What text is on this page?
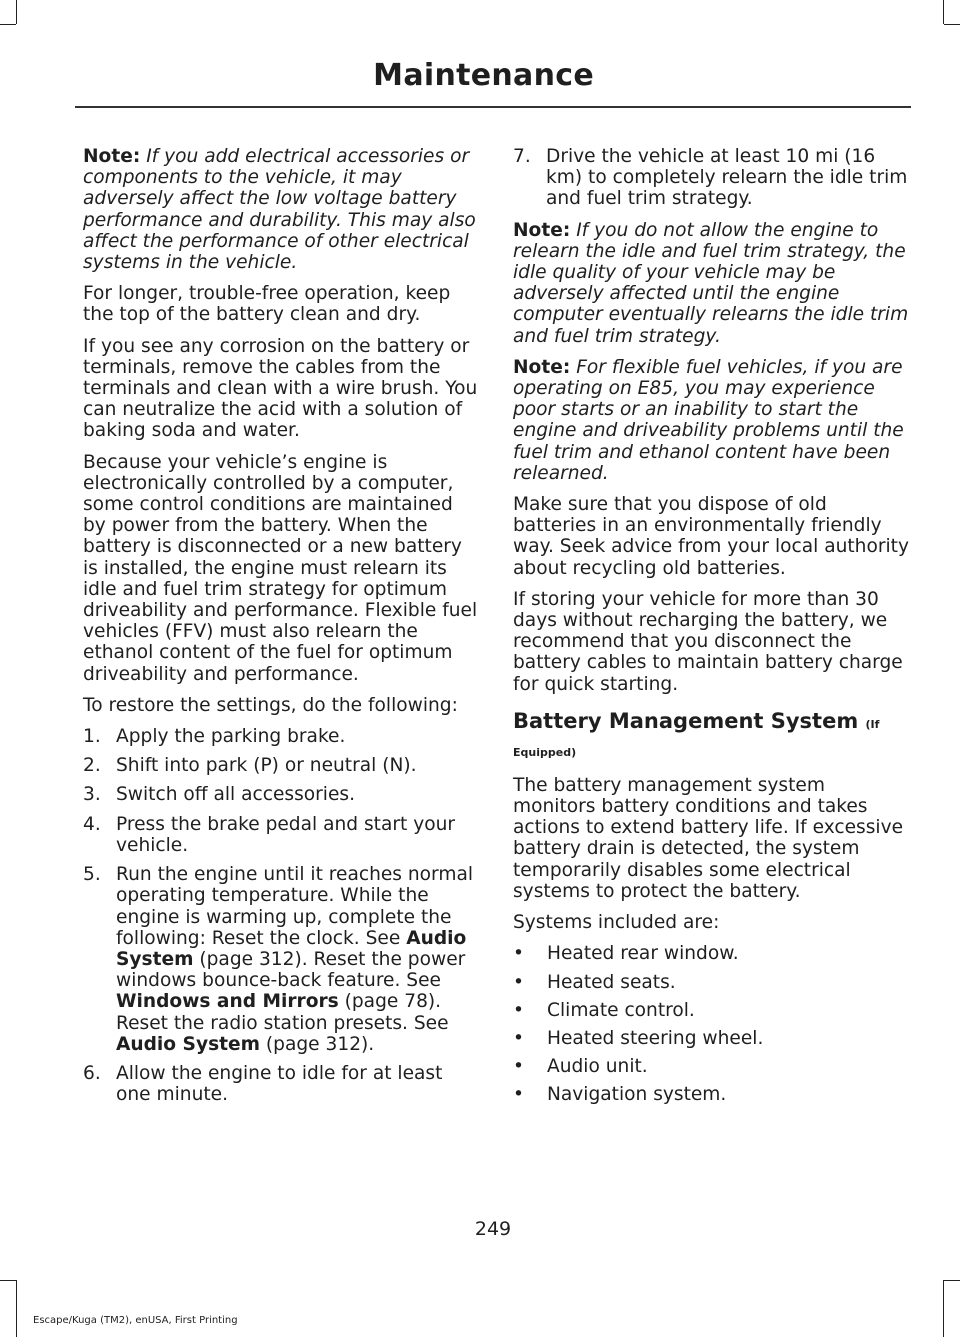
Maintenance

Note: If you add electrical accessories or components to the vehicle, it may adversely affect the low voltage battery performance and durability. This may also affect the performance of other electrical systems in the vehicle.

For longer, trouble-free operation, keep the top of the battery clean and dry.

If you see any corrosion on the battery or terminals, remove the cables from the terminals and clean with a wire brush. You can neutralize the acid with a solution of baking soda and water.

Because your vehicle’s engine is electronically controlled by a computer, some control conditions are maintained by power from the battery. When the battery is disconnected or a new battery is installed, the engine must relearn its idle and fuel trim strategy for optimum driveability and performance. Flexible fuel vehicles (FFV) must also relearn the ethanol content of the fuel for optimum driveability and performance.

To restore the settings, do the following:

1. Apply the parking brake.
2. Shift into park (P) or neutral (N).
3. Switch off all accessories.
4. Press the brake pedal and start your vehicle.
5. Run the engine until it reaches normal operating temperature. While the engine is warming up, complete the following: Reset the clock. See Audio System (page 312). Reset the power windows bounce-back feature. See Windows and Mirrors (page 78). Reset the radio station presets. See Audio System (page 312).
6. Allow the engine to idle for at least one minute.
7. Drive the vehicle at least 10 mi (16 km) to completely relearn the idle trim and fuel trim strategy.

Note: If you do not allow the engine to relearn the idle and fuel trim strategy, the idle quality of your vehicle may be adversely affected until the engine computer eventually relearns the idle trim and fuel trim strategy.

Note: For flexible fuel vehicles, if you are operating on E85, you may experience poor starts or an inability to start the engine and driveability problems until the fuel trim and ethanol content have been relearned.

Make sure that you dispose of old batteries in an environmentally friendly way. Seek advice from your local authority about recycling old batteries.

If storing your vehicle for more than 30 days without recharging the battery, we recommend that you disconnect the battery cables to maintain battery charge for quick starting.

Battery Management System (If Equipped)

The battery management system monitors battery conditions and takes actions to extend battery life. If excessive battery drain is detected, the system temporarily disables some electrical systems to protect the battery.

Systems included are:

• Heated rear window.
• Heated seats.
• Climate control.
• Heated steering wheel.
• Audio unit.
• Navigation system.
249
Escape/Kuga (TM2), enUSA, First Printing
